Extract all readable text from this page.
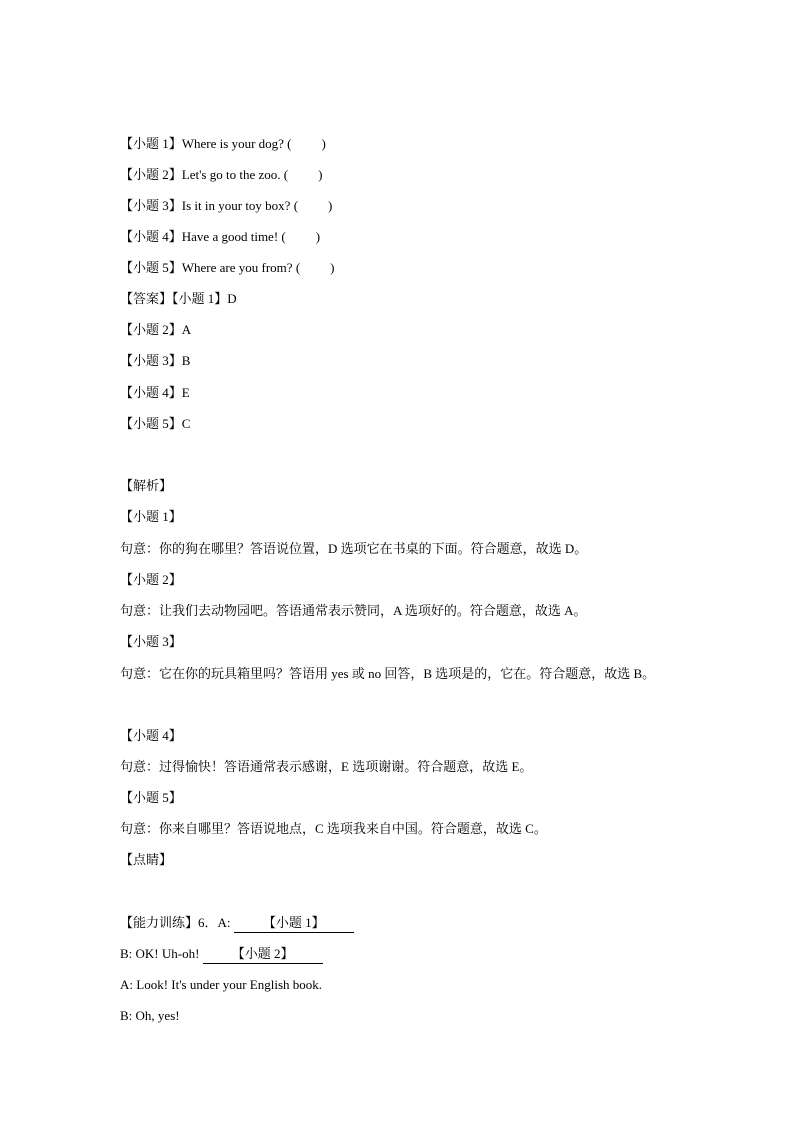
【小题 1】Where is your dog? ( )
【小题 2】Let's go to the zoo. ( )
【小题 3】Is it in your toy box? ( )
【小题 4】Have a good time! ( )
【小题 5】Where are you from? ( )
【答案】【小题 1】D
【小题 2】A
【小题 3】B
【小题 4】E
【小题 5】C
【解析】
【小题 1】
句意：你的狗在哪里？答语说位置，D 选项它在书桌的下面。符合题意，故选 D。
【小题 2】
句意：让我们去动物园吧。答语通常表示赞同，A 选项好的。符合题意，故选 A。
【小题 3】
句意：它在你的玩具箱里吗？答语用 yes 或 no 回答，B 选项是的，它在。符合题意，故选 B。
【小题 4】
句意：过得愉快！答语通常表示感谢，E 选项谢谢。符合题意，故选 E。
【小题 5】
句意：你来自哪里？答语说地点，C 选项我来自中国。符合题意，故选 C。
【点睛】
【能力训练】6．A: 【小题 1】
B: OK! Uh-oh! 【小题 2】
A: Look! It's under your English book.
B: Oh, yes!
